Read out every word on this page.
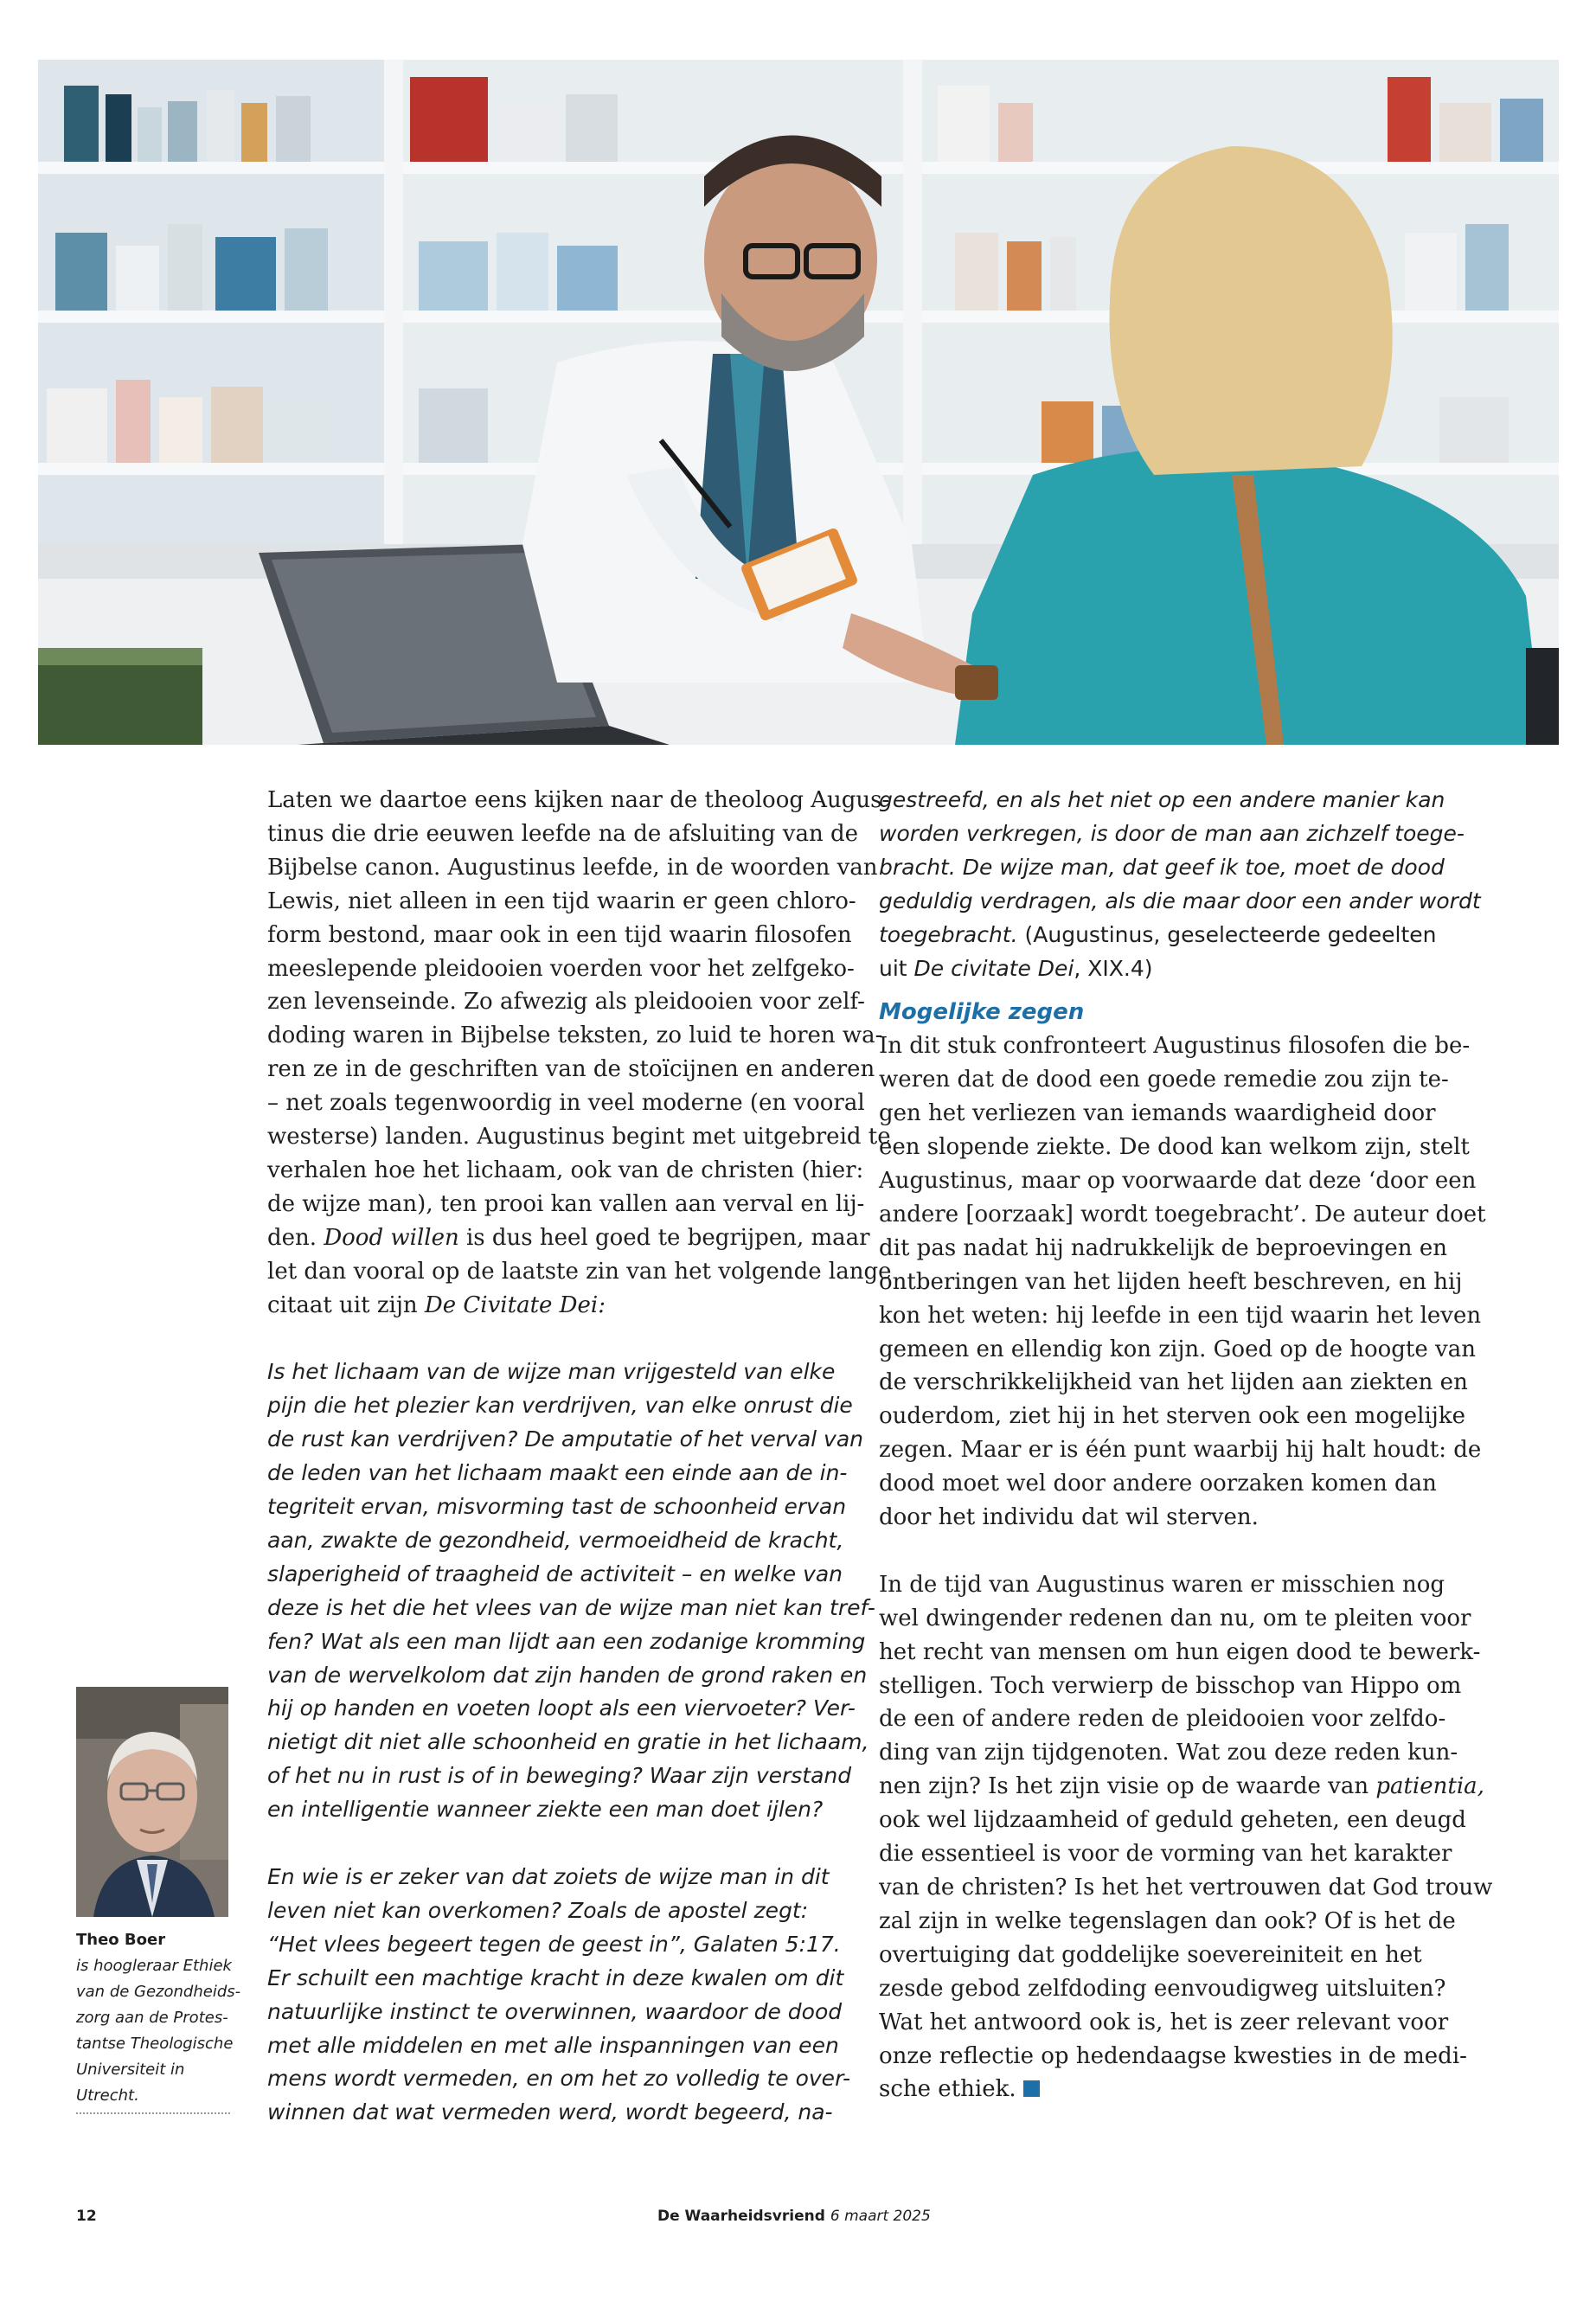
Laten we daartoe eens kijken naar de theoloog Augus-
tinus die drie eeuwen leefde na de afsluiting van de
Bijbelse canon. Augustinus leefde, in de woorden van
Lewis, niet alleen in een tijd waarin er geen chloro-
form bestond, maar ook in een tijd waarin filosofen
meeslepende pleidooien voerden voor het zelfgeko-
zen levenseinde. Zo afwezig als pleidooien voor zelf-
doding waren in Bijbelse teksten, zo luid te horen wa-
ren ze in de geschriften van de stoïcijnen en anderen
– net zoals tegenwoordig in veel moderne (en vooral
westerse) landen. Augustinus begint met uitgebreid te
verhalen hoe het lichaam, ook van de christen (hier:
de wijze man), ten prooi kan vallen aan verval en lij-
den. Dood willen is dus heel goed te begrijpen, maar
let dan vooral op de laatste zin van het volgende lange
citaat uit zijn De Civitate Dei:
Is het lichaam van de wijze man vrijgesteld van elke
pijn die het plezier kan verdrijven, van elke onrust die
de rust kan verdrijven? De amputatie of het verval van
de leden van het lichaam maakt een einde aan de in-
tegriteit ervan, misvorming tast de schoonheid ervan
aan, zwakte de gezondheid, vermoeidheid de kracht,
slaperigheid of traagheid de activiteit – en welke van
deze is het die het vlees van de wijze man niet kan tref-
fen? Wat als een man lijdt aan een zodanige kromming
van de wervelkolom dat zijn handen de grond raken en
hij op handen en voeten loopt als een viervoeter? Ver-
nietigt dit niet alle schoonheid en gratie in het lichaam,
of het nu in rust is of in beweging? Waar zijn verstand
en intelligentie wanneer ziekte een man doet ijlen?
En wie is er zeker van dat zoiets de wijze man in dit
leven niet kan overkomen? Zoals de apostel zegt:
“Het vlees begeert tegen de geest in”, Galaten 5:17.
Er schuilt een machtige kracht in deze kwalen om dit
natuurlijke instinct te overwinnen, waardoor de dood
met alle middelen en met alle inspanningen van een
mens wordt vermeden, en om het zo volledig te over-
winnen dat wat vermeden werd, wordt begeerd, na-
gestreefd, en als het niet op een andere manier kan
worden verkregen, is door de man aan zichzelf toege-
bracht. De wijze man, dat geef ik toe, moet de dood
geduldig verdragen, als die maar door een ander wordt
toegebracht. (Augustinus, geselecteerde gedeelten
uit De civitate Dei, XIX.4)
Mogelijke zegen
In dit stuk confronteert Augustinus filosofen die be-
weren dat de dood een goede remedie zou zijn te-
gen het verliezen van iemands waardigheid door
een slopende ziekte. De dood kan welkom zijn, stelt
Augustinus, maar op voorwaarde dat deze ‘door een
andere [oorzaak] wordt toegebracht’. De auteur doet
dit pas nadat hij nadrukkelijk de beproevingen en
ontberingen van het lijden heeft beschreven, en hij
kon het weten: hij leefde in een tijd waarin het leven
gemeen en ellendig kon zijn. Goed op de hoogte van
de verschrikkelijkheid van het lijden aan ziekten en
ouderdom, ziet hij in het sterven ook een mogelijke
zegen. Maar er is één punt waarbij hij halt houdt: de
dood moet wel door andere oorzaken komen dan
door het individu dat wil sterven.
In de tijd van Augustinus waren er misschien nog
wel dwingender redenen dan nu, om te pleiten voor
het recht van mensen om hun eigen dood te bewerk-
stelligen. Toch verwierp de bisschop van Hippo om
de een of andere reden de pleidooien voor zelfdo-
ding van zijn tijdgenoten. Wat zou deze reden kun-
nen zijn? Is het zijn visie op de waarde van patientia,
ook wel lijdzaamheid of geduld geheten, een deugd
die essentieel is voor de vorming van het karakter
van de christen? Is het het vertrouwen dat God trouw
zal zijn in welke tegenslagen dan ook? Of is het de
overtuiging dat goddelijke soevereiniteit en het
zesde gebod zelfdoding eenvoudigweg uitsluiten?
Wat het antwoord ook is, het is zeer relevant voor
onze reflectie op hedendaagse kwesties in de medi-
sche ethiek.
Theo Boer
is hoogleraar Ethiek
van de Gezondheids-
zorg aan de Protes-
tantse Theologische
Universiteit in
Utrecht.
12	De Waarheidsvriend 6 maart 2025
